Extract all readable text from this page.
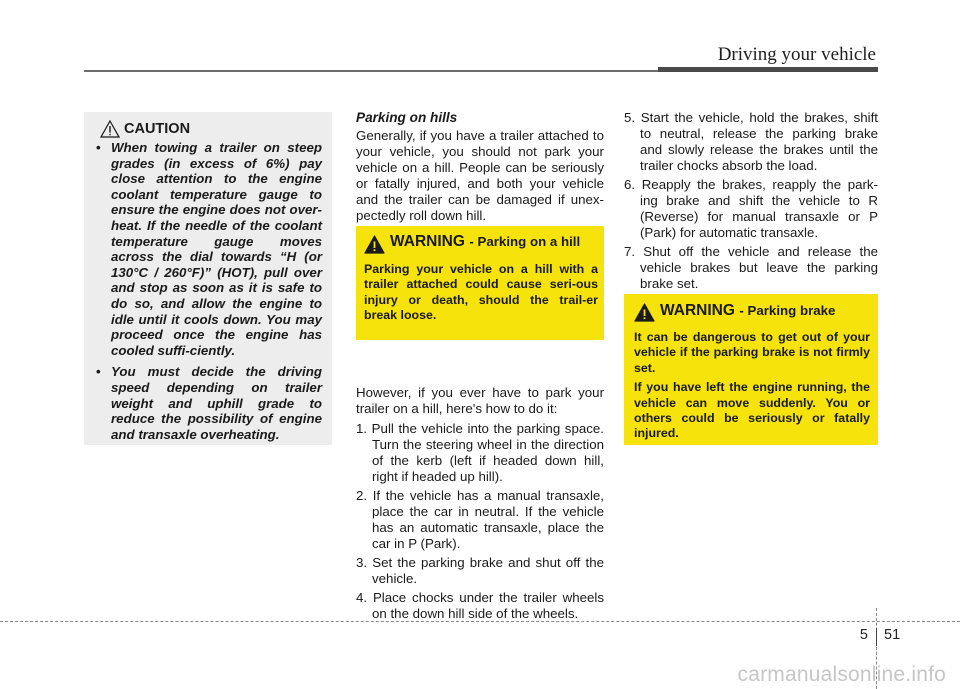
Driving your vehicle
CAUTION
• When towing a trailer on steep grades (in excess of 6%) pay close attention to the engine coolant temperature gauge to ensure the engine does not over-heat. If the needle of the coolant temperature gauge moves across the dial towards “H (or 130°C / 260°F)” (HOT), pull over and stop as soon as it is safe to do so, and allow the engine to idle until it cools down. You may proceed once the engine has cooled suffi-ciently.
• You must decide the driving speed depending on trailer weight and uphill grade to reduce the possibility of engine and transaxle overheating.
Parking on hills

Generally, if you have a trailer attached to your vehicle, you should not park your vehicle on a hill. People can be seriously or fatally injured, and both your vehicle and the trailer can be damaged if unex-pectedly roll down hill.

WARNING - Parking on a hill

Parking your vehicle on a hill with a trailer attached could cause seri-ous injury or death, should the trail-er break loose.

However, if you ever have to park your trailer on a hill, here's how to do it:

1. Pull the vehicle into the parking space. Turn the steering wheel in the direction of the kerb (left if headed down hill, right if headed up hill).
2. If the vehicle has a manual transaxle, place the car in neutral. If the vehicle has an automatic transaxle, place the car in P (Park).
3. Set the parking brake and shut off the vehicle.
4. Place chocks under the trailer wheels on the down hill side of the wheels.
5. Start the vehicle, hold the brakes, shift to neutral, release the parking brake and slowly release the brakes until the trailer chocks absorb the load.
6. Reapply the brakes, reapply the park-ing brake and shift the vehicle to R (Reverse) for manual transaxle or P (Park) for automatic transaxle.
7. Shut off the vehicle and release the vehicle brakes but leave the parking brake set.
WARNING - Parking brake

It can be dangerous to get out of your vehicle if the parking brake is not firmly set.

If you have left the engine running, the vehicle can move suddenly. You or others could be seriously or fatally injured.

5 51
carmanualsonline.info
